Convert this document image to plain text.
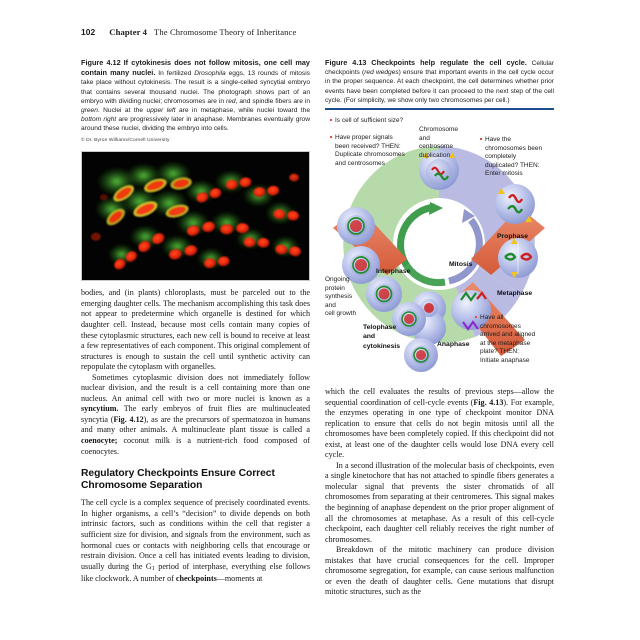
102 Chapter 4 The Chromosome Theory of Inheritance
Figure 4.12 If cytokinesis does not follow mitosis, one cell may contain many nuclei. In fertilized Drosophila eggs, 13 rounds of mitosis take place without cytokinesis. The result is a single-celled syncytial embryo that contains several thousand nuclei. The photograph shows part of an embryo with dividing nuclei; chromosomes are in red, and spindle fibers are in green. Nuclei at the upper left are in metaphase, while nuclei toward the bottom right are progressively later in anaphase. Membranes eventually grow around these nuclei, dividing the embryo into cells.
© Dr. Byron Williams/Cornell University

bodies, and (in plants) chloroplasts, must be parceled out to the emerging daughter cells. The mechanism accomplishing this task does not appear to predetermine which organelle is destined for which daughter cell. Instead, because most cells contain many copies of these cytoplasmic structures, each new cell is bound to receive at least a few representatives of each component. This original complement of structures is enough to sustain the cell until synthetic activity can repopulate the cytoplasm with organelles.

Sometimes cytoplasmic division does not immediately follow nuclear division, and the result is a cell containing more than one nucleus. An animal cell with two or more nuclei is known as a syncytium. The early embryos of fruit flies are multinucleated syncytia (Fig. 4.12), as are the precursors of spermatozoa in humans and many other animals. A multinucleate plant tissue is called a coenocyte; coconut milk is a nutrient-rich food composed of coenocytes.

Regulatory Checkpoints Ensure Correct Chromosome Separation

The cell cycle is a complex sequence of precisely coordinated events. In higher organisms, a cell’s “decision” to divide depends on both intrinsic factors, such as conditions within the cell that register a sufficient size for division, and signals from the environment, such as hormonal cues or contacts with neighboring cells that encourage or restrain division. Once a cell has initiated events leading to division, usually during the G1 period of interphase, everything else follows like clockwork. A number of checkpoints—moments at

Figure 4.13 Checkpoints help regulate the cell cycle. Cellular checkpoints (red wedges) ensure that important events in the cell cycle occur in the proper sequence. At each checkpoint, the cell determines whether prior events have been completed before it can proceed to the next step of the cell cycle. (For simplicity, we show only two chromosomes per cell.)
Is cell of sufficient size?
Have proper signals been received? THEN: Duplicate chromosomes and centrosomes
Chromosome
and
centrosome
duplication
Have the chromosomes been completely duplicated? THEN: Enter mitosis
Interphase
Mitosis
Prophase
Metaphase
Anaphase
Telophase
and
cytokinesis
Ongoing
protein
synthesis
and
cell growth
Have all chromosomes arrived and aligned at the metaphase plate? THEN: Initiate anaphase

which the cell evaluates the results of previous steps—allow the sequential coordination of cell-cycle events (Fig. 4.13). For example, the enzymes operating in one type of checkpoint monitor DNA replication to ensure that cells do not begin mitosis until all the chromosomes have been completely copied. If this checkpoint did not exist, at least one of the daughter cells would lose DNA every cell cycle.

In a second illustration of the molecular basis of checkpoints, even a single kinetochore that has not attached to spindle fibers generates a molecular signal that prevents the sister chromatids of all chromosomes from separating at their centromeres. This signal makes the beginning of anaphase dependent on the prior proper alignment of all the chromosomes at metaphase. As a result of this cell-cycle checkpoint, each daughter cell reliably receives the right number of chromosomes.

Breakdown of the mitotic machinery can produce division mistakes that have crucial consequences for the cell. Improper chromosome segregation, for example, can cause serious malfunction or even the death of daughter cells. Gene mutations that disrupt mitotic structures, such as the
